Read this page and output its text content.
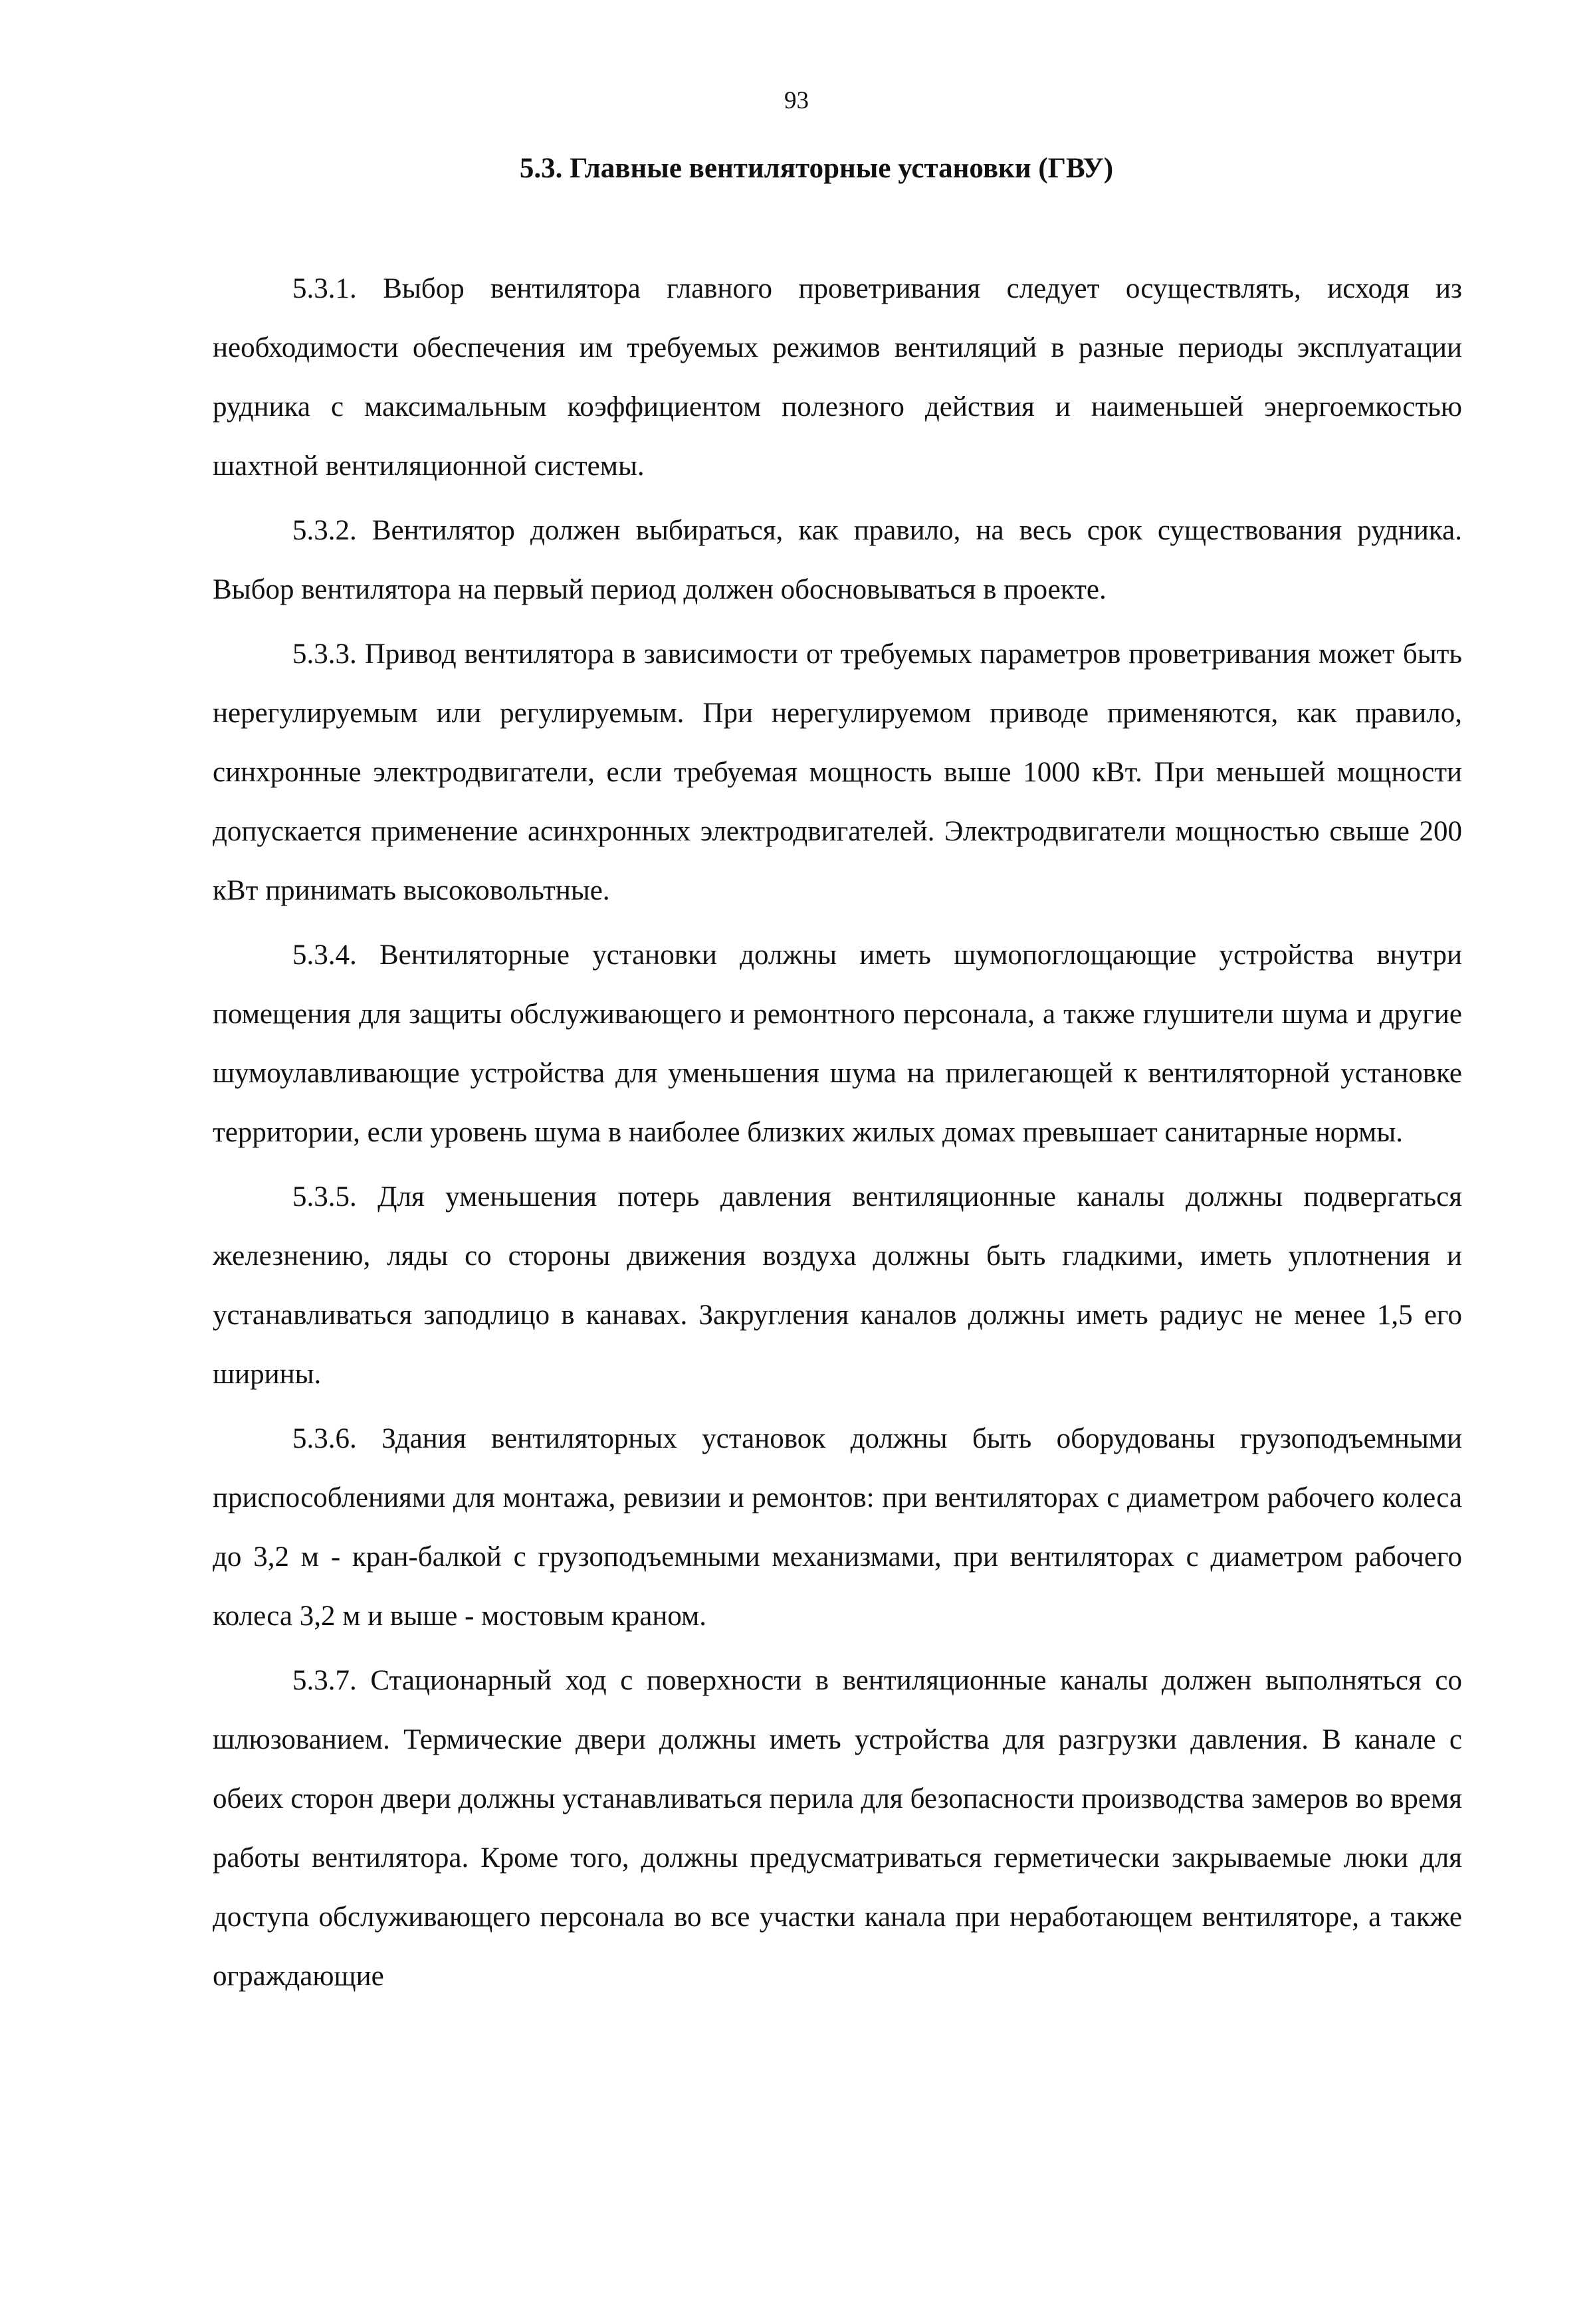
93
5.3. Главные вентиляторные установки (ГВУ)

5.3.1. Выбор вентилятора главного проветривания следует осуществлять, исходя из необходимости обеспечения им требуемых режимов вентиляций в разные периоды эксплуатации рудника с максимальным коэффициентом полезного действия и наименьшей энергоемкостью шахтной вентиляционной системы.

5.3.2. Вентилятор должен выбираться, как правило, на весь срок существования рудника. Выбор вентилятора на первый период должен обосновываться в проекте.

5.3.3. Привод вентилятора в зависимости от требуемых параметров проветривания может быть нерегулируемым или регулируемым. При нерегулируемом приводе применяются, как правило, синхронные электродвигатели, если требуемая мощность выше 1000 кВт. При меньшей мощности допускается применение асинхронных электродвигателей. Электродвигатели мощностью свыше 200 кВт принимать высоковольтные.

5.3.4. Вентиляторные установки должны иметь шумопоглощающие устройства внутри помещения для защиты обслуживающего и ремонтного персонала, а также глушители шума и другие шумоулавливающие устройства для уменьшения шума на прилегающей к вентиляторной установке территории, если уровень шума в наиболее близких жилых домах превышает санитарные нормы.

5.3.5. Для уменьшения потерь давления вентиляционные каналы должны подвергаться железнению, ляды со стороны движения воздуха должны быть гладкими, иметь уплотнения и устанавливаться заподлицо в канавах. Закругления каналов должны иметь радиус не менее 1,5 его ширины.

5.3.6. Здания вентиляторных установок должны быть оборудованы грузоподъемными приспособлениями для монтажа, ревизии и ремонтов: при вентиляторах с диаметром рабочего колеса до 3,2 м - кран-балкой с грузоподъемными механизмами, при вентиляторах с диаметром рабочего колеса 3,2 м и выше - мостовым краном.

5.3.7. Стационарный ход с поверхности в вентиляционные каналы должен выполняться со шлюзованием. Термические двери должны иметь устройства для разгрузки давления. В канале с обеих сторон двери должны устанавливаться перила для безопасности производства замеров во время работы вентилятора. Кроме того, должны предусматриваться герметически закрываемые люки для доступа обслуживающего персонала во все участки канала при неработающем вентиляторе, а также ограждающие
